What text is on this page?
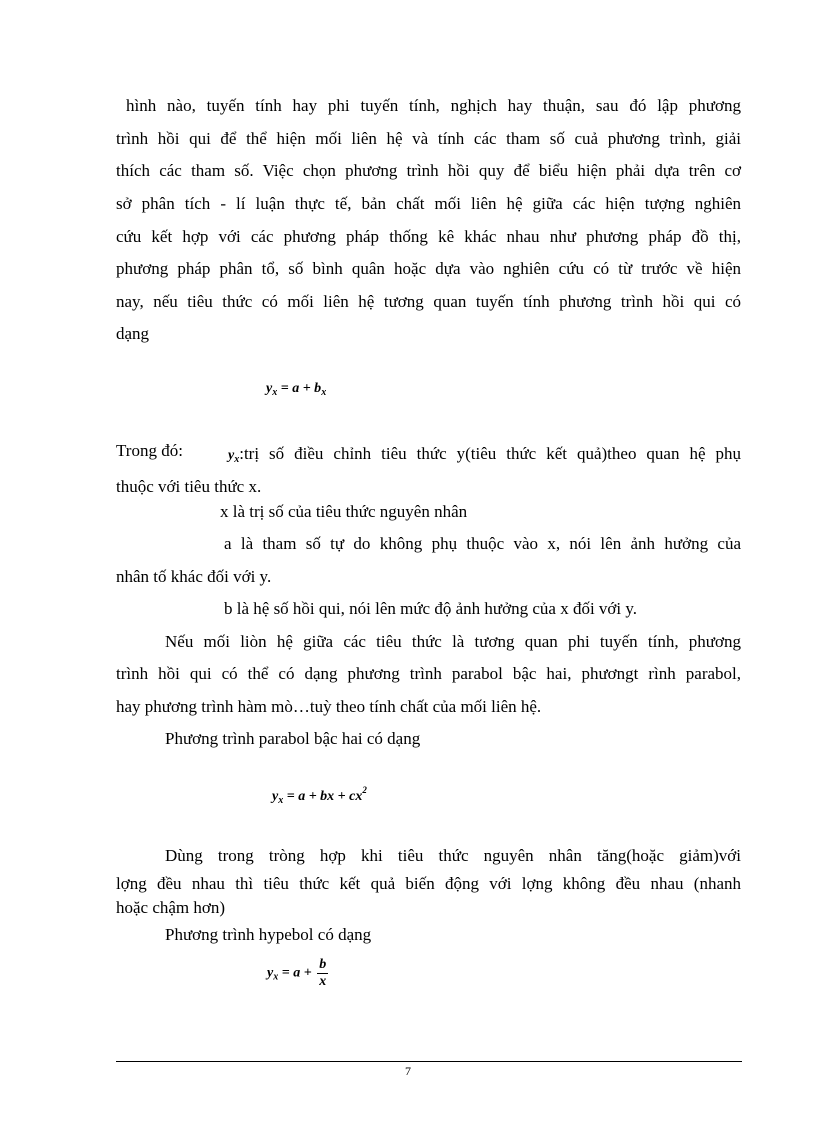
hình nào, tuyến tính hay phi tuyến tính, nghịch hay thuận, sau đó lập phương
trình hồi qui để thể hiện mối liên hệ và tính các tham số cuả phương trình, giải
thích các tham số. Việc chọn phương trình hồi quy để biểu hiện phải dựa trên cơ
sở phân tích - lí luận thực tế, bản chất mối liên hệ giữa các hiện tượng nghiên
cứu kết hợp với các phương pháp thống kê khác nhau như phương pháp đồ thị,
phương pháp phân tổ, số bình quân hoặc dựa vào nghiên cứu có từ trước về hiện
nay, nếu tiêu thức có mối liên hệ tương quan tuyến tính phương trình hồi qui có
dạng
$y_x = a + b_x$
Trong đó:	$y_x:trị$ số điều chỉnh tiêu thức y(tiêu thức kết quả)theo quan hệ phụ
thuộc với tiêu thức x.
x là trị số của tiêu thức nguyên nhân
a là tham số tự do không phụ thuộc vào x, nói lên ảnh hưởng của
nhân tố khác đối với y.
b là hệ số hồi qui, nói lên mức độ ảnh hưởng của x đối với y.
Nếu mối liòn hệ giữa các tiêu thức là tương quan phi tuyến tính, phương
trình hồi qui có thể có dạng phương trình parabol bậc hai, phươngt rình parabol,
hay phương trình hàm mò…tuỳ theo tính chất của mối liên hệ.
Phương trình parabol bậc hai có dạng
$y_x = a$ + bx + $cx^2$
Dùng trong tròng hợp khi tiêu thức nguyên nhân tăng(hoặc giảm)với
lợng đều nhau thì tiêu thức kết quả biến động với lợng không đều nhau (nhanh
hoặc chậm hơn)
Phương trình hypebol có dạng
$y_x = a + \frac{b}{x}$
7
